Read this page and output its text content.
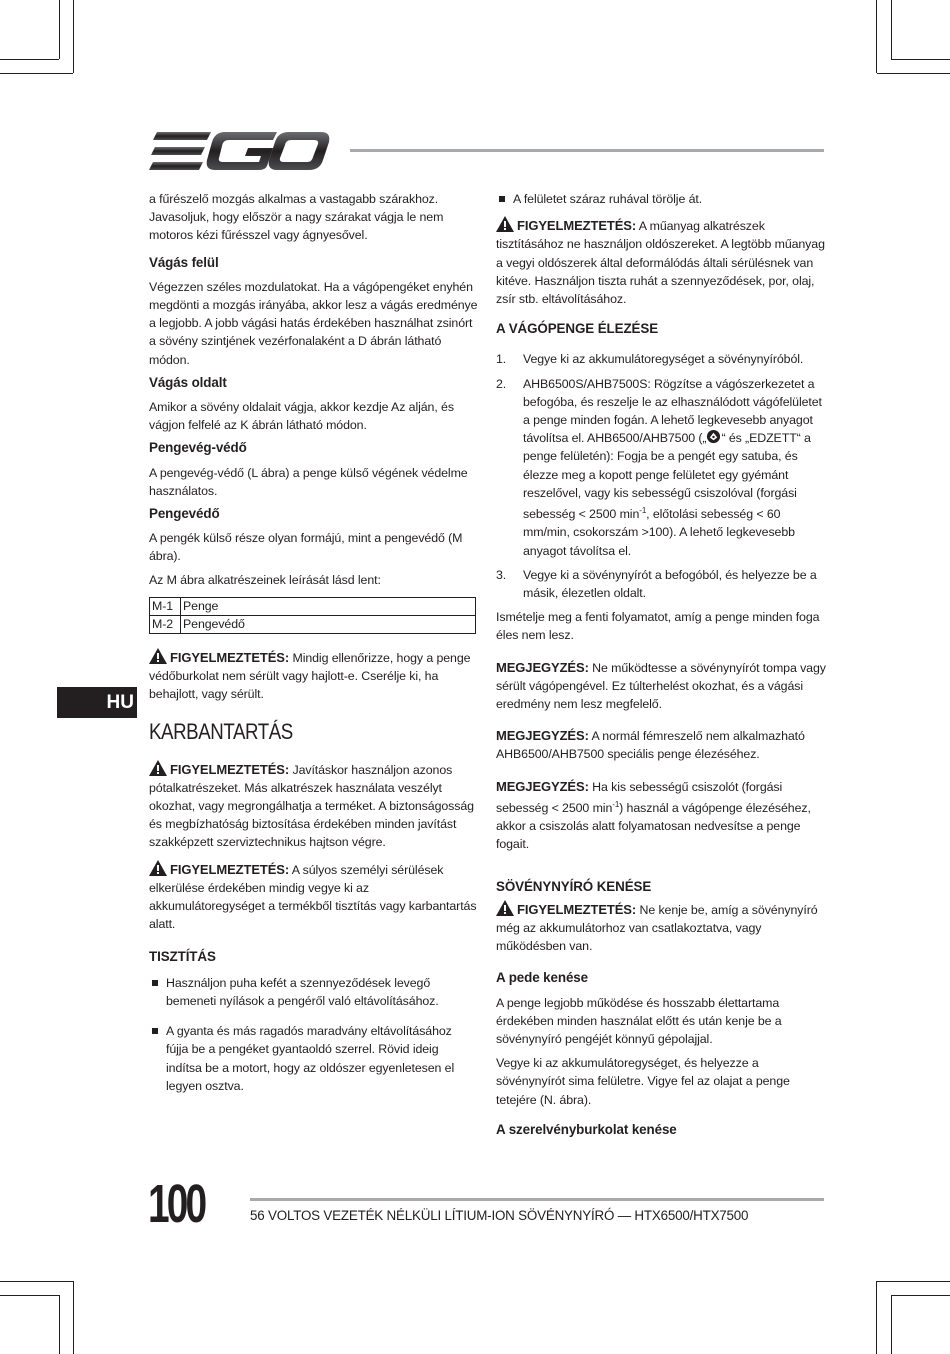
a fűrészelő mozgás alkalmas a vastagabb szárakhoz. Javasoljuk, hogy először a nagy szárakat vágja le nem motoros kézi fűrésszel vagy ágnyesővel.

Vágás felül

Végezzen széles mozdulatokat. Ha a vágópengéket enyhén megdönti a mozgás irányába, akkor lesz a vágás eredménye a legjobb. A jobb vágási hatás érdekében használhat zsinórt a sövény szintjének vezérfonalaként a D ábrán látható módon.

Vágás oldalt

Amikor a sövény oldalait vágja, akkor kezdje Az alján, és vágjon felfelé az K ábrán látható módon.

Pengevég-védő

A pengevég-védő (L ábra) a penge külső végének védelme használatos.

Pengevédő

A pengék külső része olyan formájú, mint a pengevédő (M ábra).

Az M ábra alkatrészeinek leírását lásd lent:

M-1	Penge
M-2	Pengevédő

FIGYELMEZTETÉS: Mindig ellenőrizze, hogy a penge védőburkolat nem sérült vagy hajlott-e. Cserélje ki, ha behajlott, vagy sérült.

KARBANTARTÁS

FIGYELMEZTETÉS: Javításkor használjon azonos pótalkatrészeket. Más alkatrészek használata veszélyt okozhat, vagy megrongálhatja a terméket. A biztonságosság és megbízhatóság biztosítása érdekében minden javítást szakképzett szerviztechnikus hajtson végre.

FIGYELMEZTETÉS: A súlyos személyi sérülések elkerülése érdekében mindig vegye ki az akkumulátoregységet a termékből tisztítás vagy karbantartás alatt.

TISZTÍTÁS

Használjon puha kefét a szennyeződések levegő bemeneti nyílások a pengéről való eltávolításához.
A gyanta és más ragadós maradvány eltávolításához fújja be a pengéket gyantaoldó szerrel. Rövid ideig indítsa be a motort, hogy az oldószer egyenletesen el legyen osztva.
HU
A felületet száraz ruhával törölje át.

FIGYELMEZTETÉS: A műanyag alkatrészek tisztításához ne használjon oldószereket. A legtöbb műanyag a vegyi oldószerek által deformálódás általi sérülésnek van kitéve. Használjon tiszta ruhát a szennyeződések, por, olaj, zsír stb. eltávolításához.

A VÁGÓPENGE ÉLEZÉSE

1. Vegye ki az akkumulátoregységet a sövénynyíróból.
2. AHB6500S/AHB7500S: Rögzítse a vágószerkezetet a befogóba, és reszelje le az elhasználódott vágófelületet a penge minden fogán. A lehető legkevesebb anyagot távolítsa el. AHB6500/AHB7500 („ “ és „EDZETT“ a penge felületén): Fogja be a pengét egy satuba, és élezze meg a kopott penge felületet egy gyémánt reszelővel, vagy kis sebességű csiszolóval (forgási sebesség < 2500 $\min^{-1}$, előtolási sebesség < 60 mm/min, csokorszám >100). A lehető legkevesebb anyagot távolítsa el.
3. Vegye ki a sövénynyírót a befogóból, és helyezze be a másik, élezetlen oldalt.

Ismételje meg a fenti folyamatot, amíg a penge minden foga éles nem lesz.

MEGJEGYZÉS: Ne működtesse a sövénynyírót tompa vagy sérült vágópengével. Ez túlterhelést okozhat, és a vágási eredmény nem lesz megfelelő.

MEGJEGYZÉS: A normál fémreszelő nem alkalmazható AHB6500/AHB7500 speciális penge élezéséhez.

MEGJEGYZÉS: Ha kis sebességű csiszolót (forgási sebesség < 2500 $\min^{-1}$) használ a vágópenge élezéséhez, akkor a csiszolás alatt folyamatosan nedvesítse a penge fogait.

SÖVÉNYNYÍRÓ KENÉSE

FIGYELMEZTETÉS: Ne kenje be, amíg a sövénynyíró még az akkumulátorhoz van csatlakoztatva, vagy működésben van.

A pede kenése

A penge legjobb működése és hosszabb élettartama érdekében minden használat előtt és után kenje be a sövénynyíró pengéjét könnyű gépolajjal.

Vegye ki az akkumulátoregységet, és helyezze a sövénynyírót sima felületre. Vigye fel az olajat a penge tetejére (N. ábra).

A szerelvényburkolat kenése

100	56 VOLTOS VEZETÉK NÉLKÜLI LÍTIUM-ION SÖVÉNYNYÍRÓ — HTX6500/HTX7500
